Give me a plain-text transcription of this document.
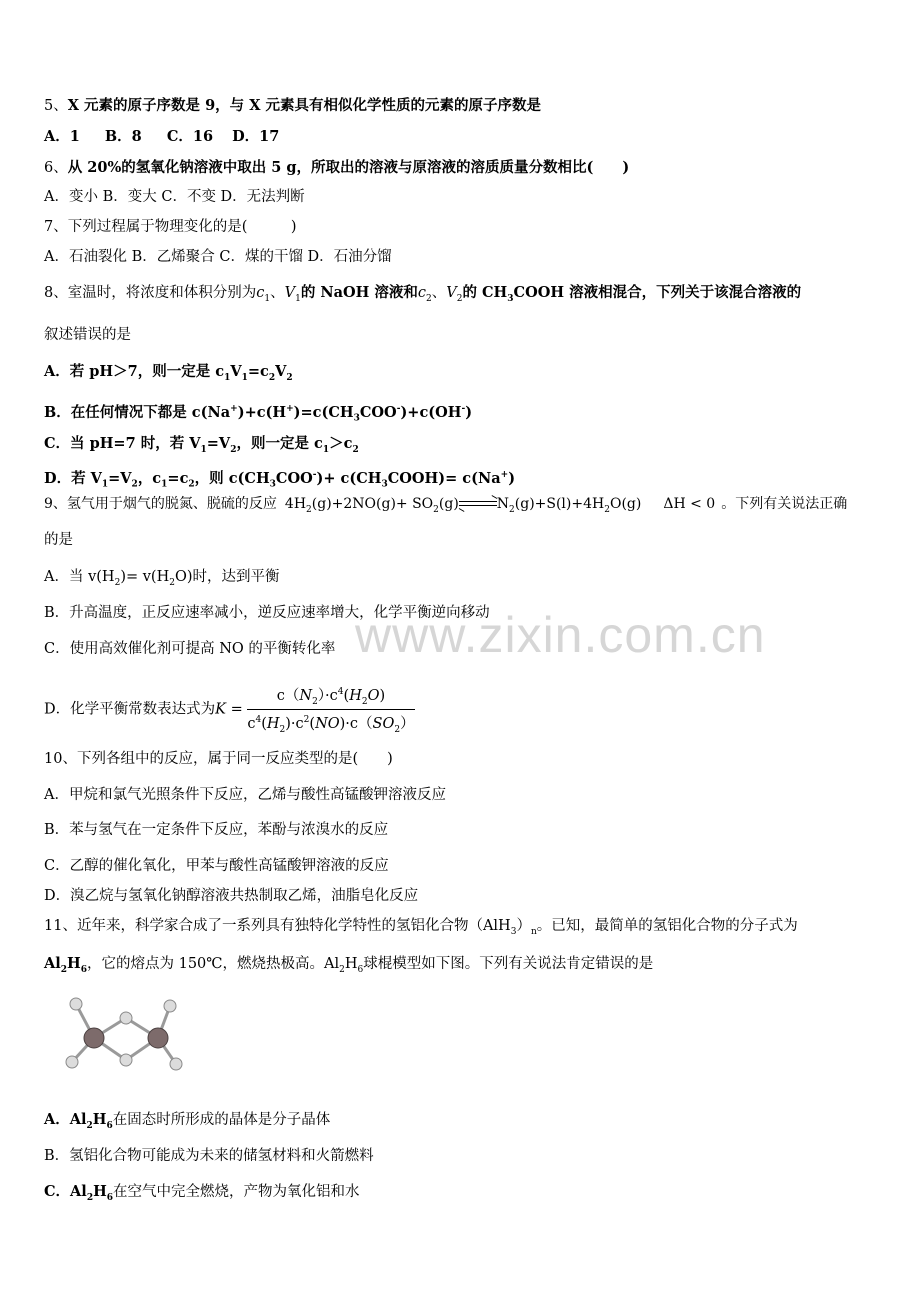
www.zixin.com.cn
5、X 元素的原子序数是 9，与 X 元素具有相似化学性质的元素的原子序数是
A．1 B．8 C．16 D．17
6、从 20%的氢氧化钠溶液中取出 5 g，所取出的溶液与原溶液的溶质质量分数相比(　　)
A．变小 B．变大 C．不变 D．无法判断
7、下列过程属于物理变化的是(　　　)
A．石油裂化 B．乙烯聚合 C．煤的干馏 D．石油分馏
8、室温时，将浓度和体积分别为$c_1$、$V_1$的 NaOH 溶液和$c_2$、$V_2$的 $CH_3COOH$ 溶液相混合，下列关于该混合溶液的
叙述错误的是
A．若 pH＞7，则一定是 $c_1V_1=c_2V_2$
B．在任何情况下都是 $c(Na^+)+c(H^+)=c(CH_3COO^-)+c(OH^-)$
C．当 pH=7 时，若 $V_1=V_2$，则一定是 $c_1>c_2$
D．若 $V_1=V_2$，$c_1=c_2$，则 $c(CH_3COO^-)+$ $c(CH_3COOH)= c(Na^+)$
9、氢气用于烟气的脱氮、脱硫的反应 $4H_2(g)+2NO(g)+$ $SO_2(g)\rightleftharpoons N_2(g)+S(l)+4H_2O(g) \Delta H < 0$ 。下列有关说法正确
的是
A．当 $v(H_2)= v(H_2O)$时，达到平衡
B．升高温度，正反应速率减小，逆反应速率增大，化学平衡逆向移动
C．使用高效催化剂可提高 NO 的平衡转化率
D．化学平衡常数表达式为$K = \frac{c(N_2)\cdot c^4(H_2O)}{c^4(H_2)\cdot c^2(NO)\cdot c(SO_2)}$
10、下列各组中的反应，属于同一反应类型的是(　　)
A．甲烷和氯气光照条件下反应，乙烯与酸性高锰酸钾溶液反应
B．苯与氢气在一定条件下反应，苯酚与浓溴水的反应
C．乙醇的催化氧化，甲苯与酸性高锰酸钾溶液的反应
D．溴乙烷与氢氧化钠醇溶液共热制取乙烯，油脂皂化反应
11、近年来，科学家合成了一系列具有独特化学特性的氢铝化合物$(AlH_3)_n$。已知，最简单的氢铝化合物的分子式为
$Al_2H_6$，它的熔点为 150℃，燃烧热极高。$Al_2H_6$球棍模型如下图。下列有关说法肯定错误的是
A．$Al_2H_6$在固态时所形成的晶体是分子晶体
B．氢铝化合物可能成为未来的储氢材料和火箭燃料
C．$Al_2H_6$在空气中完全燃烧，产物为氧化铝和水
